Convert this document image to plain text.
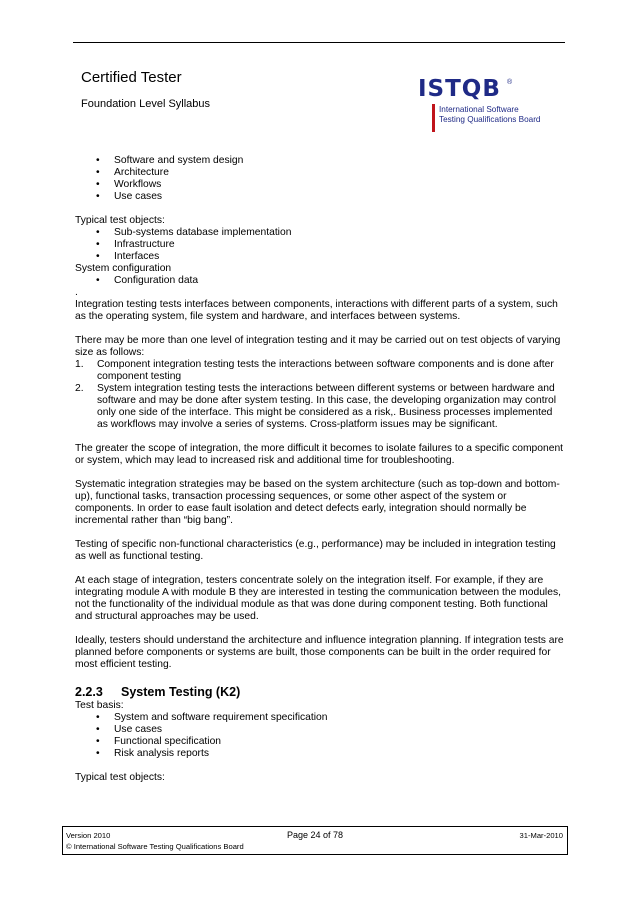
Certified Tester
Foundation Level Syllabus
ISTQB ®
International Software
Testing Qualifications Board
• Software and system design
• Architecture
• Workflows
• Use cases

Typical test objects:

• Sub-systems database implementation
• Infrastructure
• Interfaces

System configuration

• Configuration data

.

Integration testing tests interfaces between components, interactions with different parts of a system, such as the operating system, file system and hardware, and interfaces between systems.

There may be more than one level of integration testing and it may be carried out on test objects of varying size as follows:

1. Component integration testing tests the interactions between software components and is done after component testing
2. System integration testing tests the interactions between different systems or between hardware and software and may be done after system testing. In this case, the developing organization may control only one side of the interface. This might be considered as a risk,. Business processes implemented as workflows may involve a series of systems. Cross-platform issues may be significant.

The greater the scope of integration, the more difficult it becomes to isolate failures to a specific component or system, which may lead to increased risk and additional time for troubleshooting.

Systematic integration strategies may be based on the system architecture (such as top-down and bottom-up), functional tasks, transaction processing sequences, or some other aspect of the system or components. In order to ease fault isolation and detect defects early, integration should normally be incremental rather than “big bang”.

Testing of specific non-functional characteristics (e.g., performance) may be included in integration testing as well as functional testing.

At each stage of integration, testers concentrate solely on the integration itself. For example, if they are integrating module A with module B they are interested in testing the communication between the modules, not the functionality of the individual module as that was done during component testing. Both functional and structural approaches may be used.

Ideally, testers should understand the architecture and influence integration planning. If integration tests are planned before components or systems are built, those components can be built in the order required for most efficient testing.

2.2.3 System Testing (K2)

Test basis:

• System and software requirement specification
• Use cases
• Functional specification
• Risk analysis reports

Typical test objects:

Version 2010	Page 24 of 78	31-Mar-2010
© International Software Testing Qualifications Board
